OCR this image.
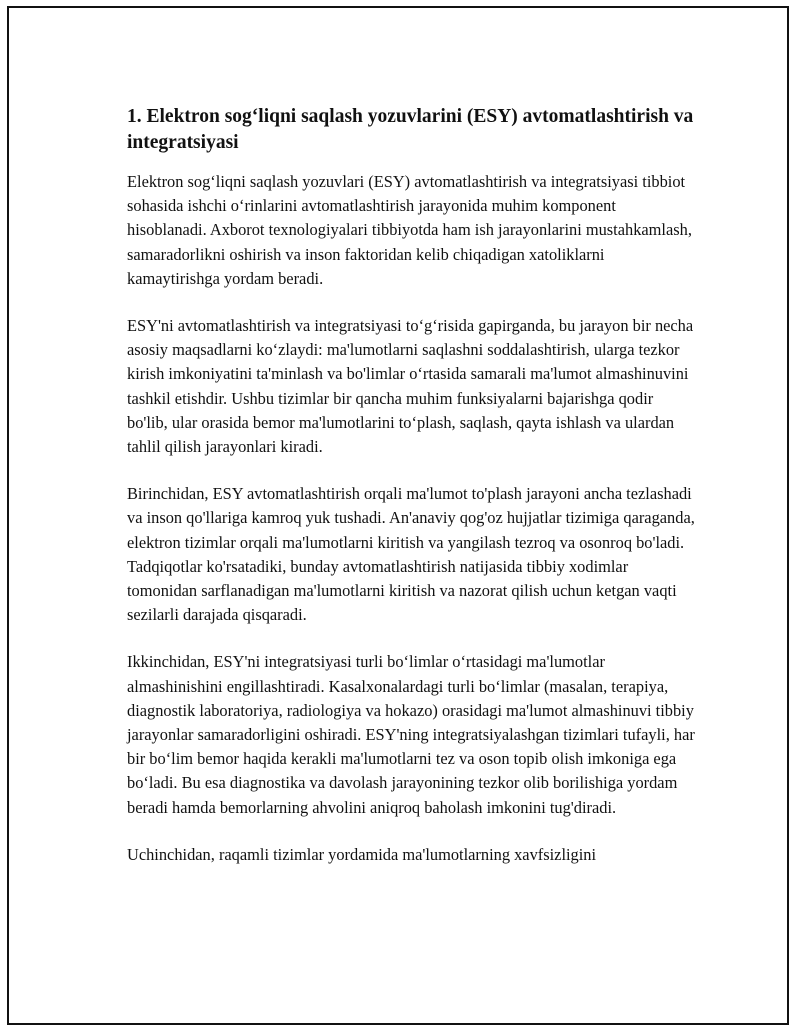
1. Elektron sog‘liqni saqlash yozuvlarini (ESY) avtomatlashtirish va integratsiyasi

Elektron sog‘liqni saqlash yozuvlari (ESY) avtomatlashtirish va integratsiyasi tibbiot sohasida ishchi o‘rinlarini avtomatlashtirish jarayonida muhim komponent hisoblanadi. Axborot texnologiyalari tibbiyotda ham ish jarayonlarini mustahkamlash, samaradorlikni oshirish va inson faktoridan kelib chiqadigan xatoliklarni kamaytirishga yordam beradi.

ESY'ni avtomatlashtirish va integratsiyasi to‘g‘risida gapirganda, bu jarayon bir necha asosiy maqsadlarni ko‘zlaydi: ma'lumotlarni saqlashni soddalashtirish, ularga tezkor kirish imkoniyatini ta'minlash va bo'limlar o‘rtasida samarali ma'lumot almashinuvini tashkil etishdir. Ushbu tizimlar bir qancha muhim funksiyalarni bajarishga qodir bo'lib, ular orasida bemor ma'lumotlarini to‘plash, saqlash, qayta ishlash va ulardan tahlil qilish jarayonlari kiradi.

Birinchidan, ESY avtomatlashtirish orqali ma'lumot to'plash jarayoni ancha tezlashadi va inson qo'llariga kamroq yuk tushadi. An'anaviy qog'oz hujjatlar tizimiga qaraganda, elektron tizimlar orqali ma'lumotlarni kiritish va yangilash tezroq va osonroq bo'ladi. Tadqiqotlar ko'rsatadiki, bunday avtomatlashtirish natijasida tibbiy xodimlar tomonidan sarflanadigan ma'lumotlarni kiritish va nazorat qilish uchun ketgan vaqti sezilarli darajada qisqaradi.

Ikkinchidan, ESY'ni integratsiyasi turli bo‘limlar o‘rtasidagi ma'lumotlar almashinishini engillashtiradi. Kasalxonalardagi turli bo‘limlar (masalan, terapiya, diagnostik laboratoriya, radiologiya va hokazo) orasidagi ma'lumot almashinuvi tibbiy jarayonlar samaradorligini oshiradi. ESY'ning integratsiyalashgan tizimlari tufayli, har bir bo‘lim bemor haqida kerakli ma'lumotlarni tez va oson topib olish imkoniga ega bo‘ladi. Bu esa diagnostika va davolash jarayonining tezkor olib borilishiga yordam beradi hamda bemorlarning ahvolini aniqroq baholash imkonini tug'diradi.

Uchinchidan, raqamli tizimlar yordamida ma'lumotlarning xavfsizligini
